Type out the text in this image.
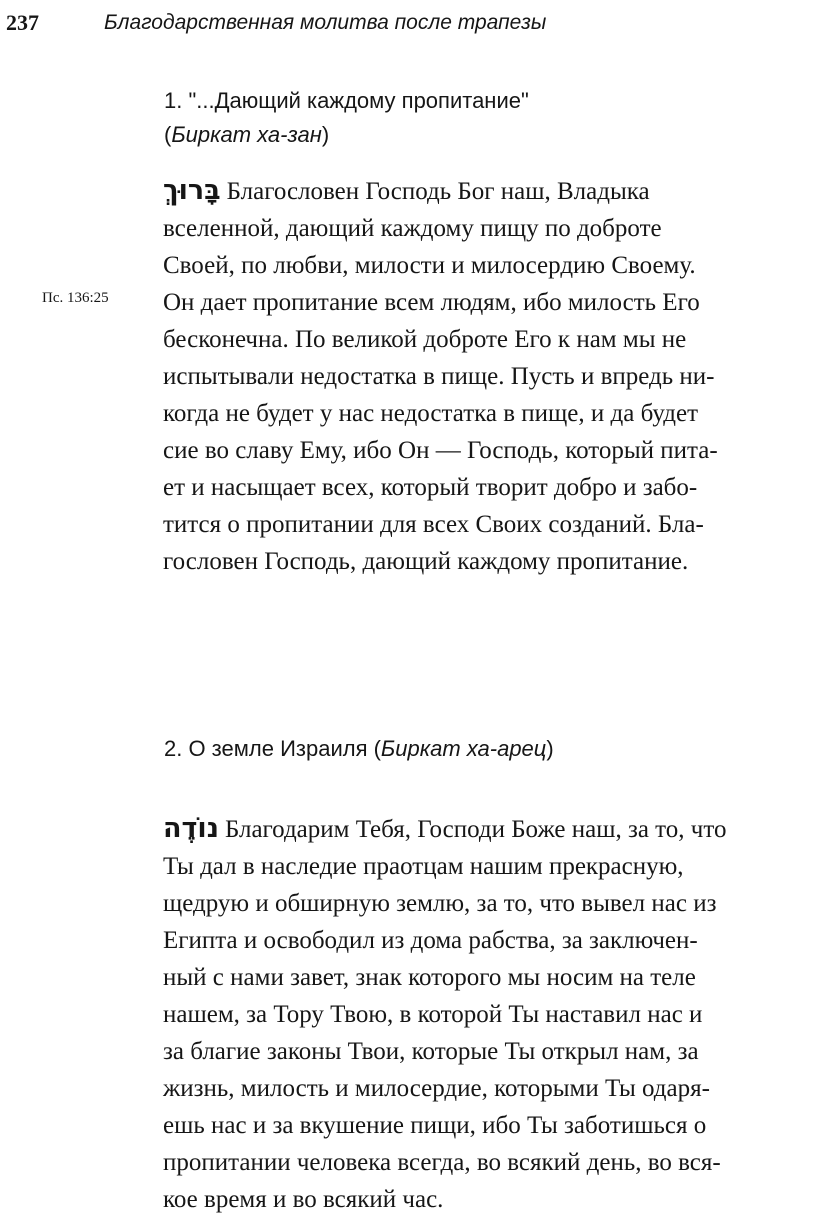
237	Благодарственная молитва после трапезы
1. "...Дающий каждому пропитание"
(Биркат ха-зан)
בָּרוּךְ Благословен Господь Бог наш, Владыка
вселенной, дающий каждому пищу по доброте
Своей, по любви, милости и милосердию Своему.
Он дает пропитание всем людям, ибо милость Его
бесконечна. По великой доброте Его к нам мы не
испытывали недостатка в пище. Пусть и впредь ни-
когда не будет у нас недостатка в пище, и да будет
сие во славу Ему, ибо Он — Господь, который пита-
ет и насыщает всех, который творит добро и забо-
тится о пропитании для всех Своих созданий. Бла-
гословен Господь, дающий каждому пропитание.
Пс. 136:25
2. О земле Израиля (Биркат ха-арец)
נוֹדֶה Благодарим Тебя, Господи Боже наш, за то, что
Ты дал в наследие праотцам нашим прекрасную,
щедрую и обширную землю, за то, что вывел нас из
Египта и освободил из дома рабства, за заключен-
ный с нами завет, знак которого мы носим на теле
нашем, за Тору Твою, в которой Ты наставил нас и
за благие законы Твои, которые Ты открыл нам, за
жизнь, милость и милосердие, которыми Ты одаря-
ешь нас и за вкушение пищи, ибо Ты заботишься о
пропитании человека всегда, во всякий день, во вся-
кое время и во всякий час.
